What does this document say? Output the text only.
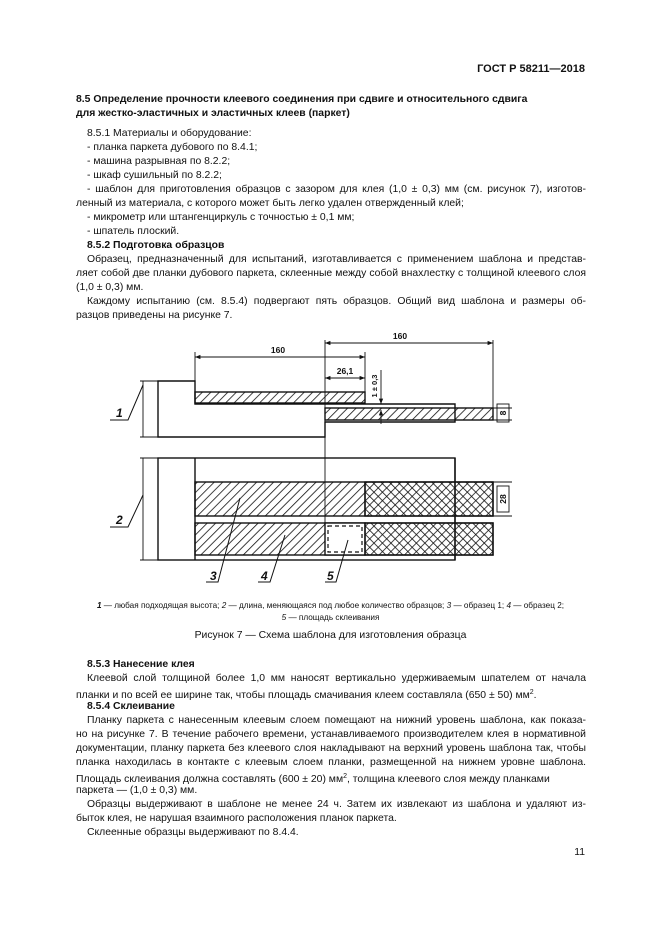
ГОСТ Р 58211—2018
8.5 Определение прочности клеевого соединения при сдвиге и относительного сдвига
для жестко-эластичных и эластичных клеев (паркет)
8.5.1 Материалы и оборудование:
- планка паркета дубового по 8.4.1;
- машина разрывная по 8.2.2;
- шкаф сушильный по 8.2.2;
- шаблон для приготовления образцов с зазором для клея (1,0 ± 0,3) мм (см. рисунок 7), изготов-
ленный из материала, с которого может быть легко удален отвержденный клей;
- микрометр или штангенциркуль с точностью ± 0,1 мм;
- шпатель плоский.
8.5.2 Подготовка образцов
Образец, предназначенный для испытаний, изготавливается с применением шаблона и представ-
ляет собой две планки дубового паркета, склеенные между собой внахлестку с толщиной клеевого слоя
(1,0 ± 0,3) мм.
Каждому испытанию (см. 8.5.4) подвергают пять образцов. Общий вид шаблона и размеры об-
разцов приведены на рисунке 7.
160
160
26,1
1 ± 0,3
8
28
1
2
3	4	5
1 — любая подходящая высота; 2 — длина, меняющаяся под любое количество образцов; 3 — образец 1; 4 — образец 2;
5 — площадь склеивания
Рисунок 7 — Схема шаблона для изготовления образца
8.5.3 Нанесение клея
Клеевой слой толщиной более 1,0 мм наносят вертикально удерживаемым шпателем от начала
планки и по всей ее ширине так, чтобы площадь смачивания клеем составляла (650 ± 50) $мм^2$.
8.5.4 Склеивание
Планку паркета с нанесенным клеевым слоем помещают на нижний уровень шаблона, как показа-
но на рисунке 7. В течение рабочего времени, устанавливаемого производителем клея в нормативной
документации, планку паркета без клеевого слоя накладывают на верхний уровень шаблона так, чтобы
планка находилась в контакте с клеевым слоем планки, размещенной на нижнем уровне шаблона.
Площадь склеивания должна составлять (600 ± 20) $мм^2$, толщина клеевого слоя между планками
паркета — (1,0 ± 0,3) мм.
Образцы выдерживают в шаблоне не менее 24 ч. Затем их извлекают из шаблона и удаляют из-
быток клея, не нарушая взаимного расположения планок паркета.
Склеенные образцы выдерживают по 8.4.4.
11
